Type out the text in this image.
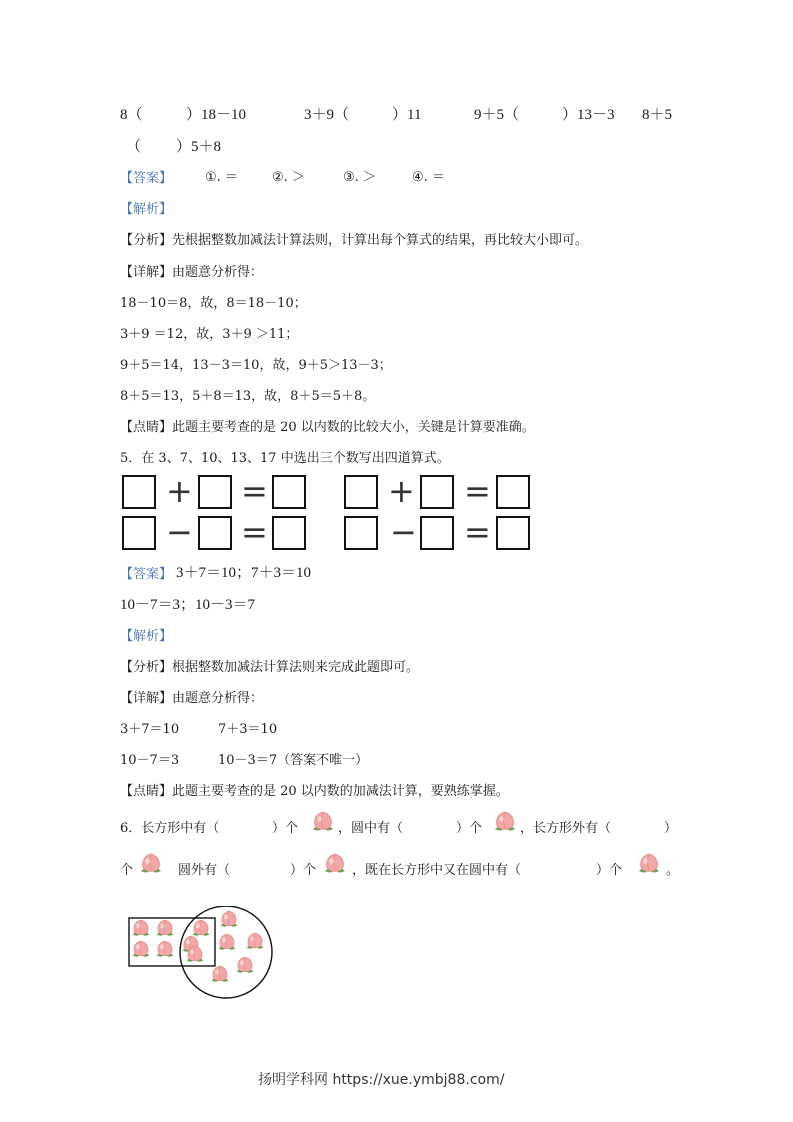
8（	）18－10	3＋9（	）11	9＋5（	）13－3 8＋5
（ ）5＋8
【答案】	①. ＝	②. ＞	③. ＞	④. ＝
【解析】
【分析】先根据整数加减法计算法则，计算出每个算式的结果，再比较大小即可。
【详解】由题意分析得：
18－10＝8，故，8＝18－10；
3＋9 ＝12，故，3＋9 ＞11；
9＋5＝14，13－3＝10，故，9＋5＞13－3；
8＋5＝13，5＋8＝13，故，8＋5＝5＋8。
【点睛】此题主要考查的是 20 以内数的比较大小，关键是计算要准确。
5．在 3、7、10、13、17 中选出三个数写出四道算式。
+ =	+ =
− =	− =
【答案】 3＋7＝10；7＋3＝10
10－7＝3；10－3＝7
【解析】
【分析】根据整数加减法计算法则来完成此题即可。
【详解】由题意分析得：
3＋7＝10	7＋3＝10
10－7＝3	10－3＝7（答案不唯一）
【点睛】此题主要考查的是 20 以内数的加减法计算，要熟练掌握。
6．长方形中有（	）个	，圆中有（	）个	，长方形外有（	）
个	圆外有（	）个	，既在长方形中又在圆中有（	）个	。
扬明学科网 https://xue.ymbj88.com/
